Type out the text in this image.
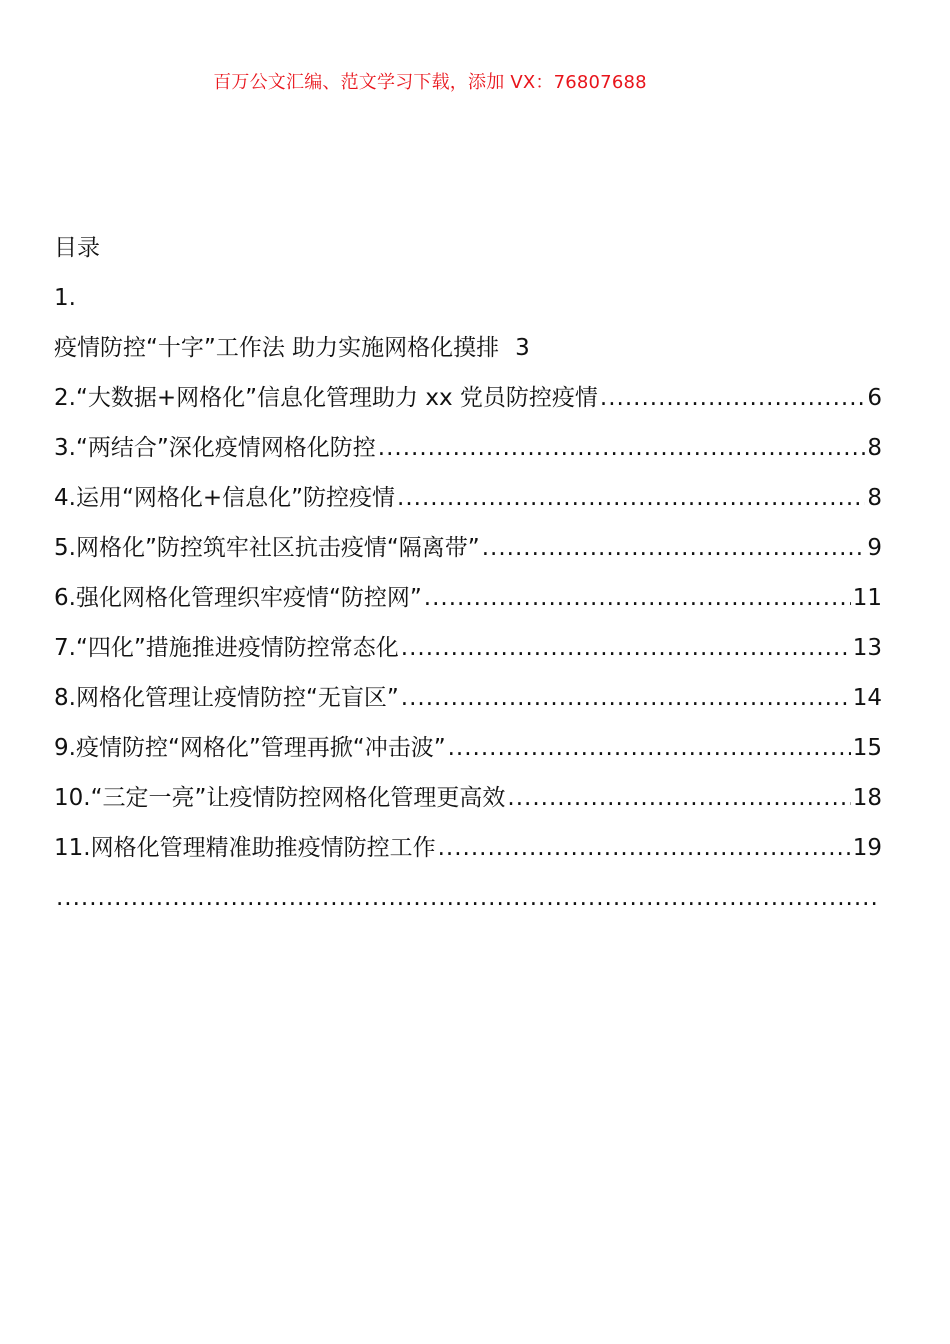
百万公文汇编、范文学习下载，添加 VX：76807688
目录
1.
疫情防控“十字”工作法 助力实施网格化摸排 3
2.“大数据+网格化”信息化管理助力 xx 党员防控疫情 .....	6
3.“两结合”深化疫情网格化防控 .....	8
4.运用“网格化+信息化”防控疫情 .....	8
5.网格化”防控筑牢社区抗击疫情“隔离带” .....	9
6.强化网格化管理织牢疫情“防控网” .....	11
7.“四化”措施推进疫情防控常态化 .....	13
8.网格化管理让疫情防控“无盲区” .....	14
9.疫情防控“网格化”管理再掀“冲击波” .....	15
10.“三定一亮”让疫情防控网格化管理更高效 .....	18
11.网格化管理精准助推疫情防控工作 .....	19
.....
